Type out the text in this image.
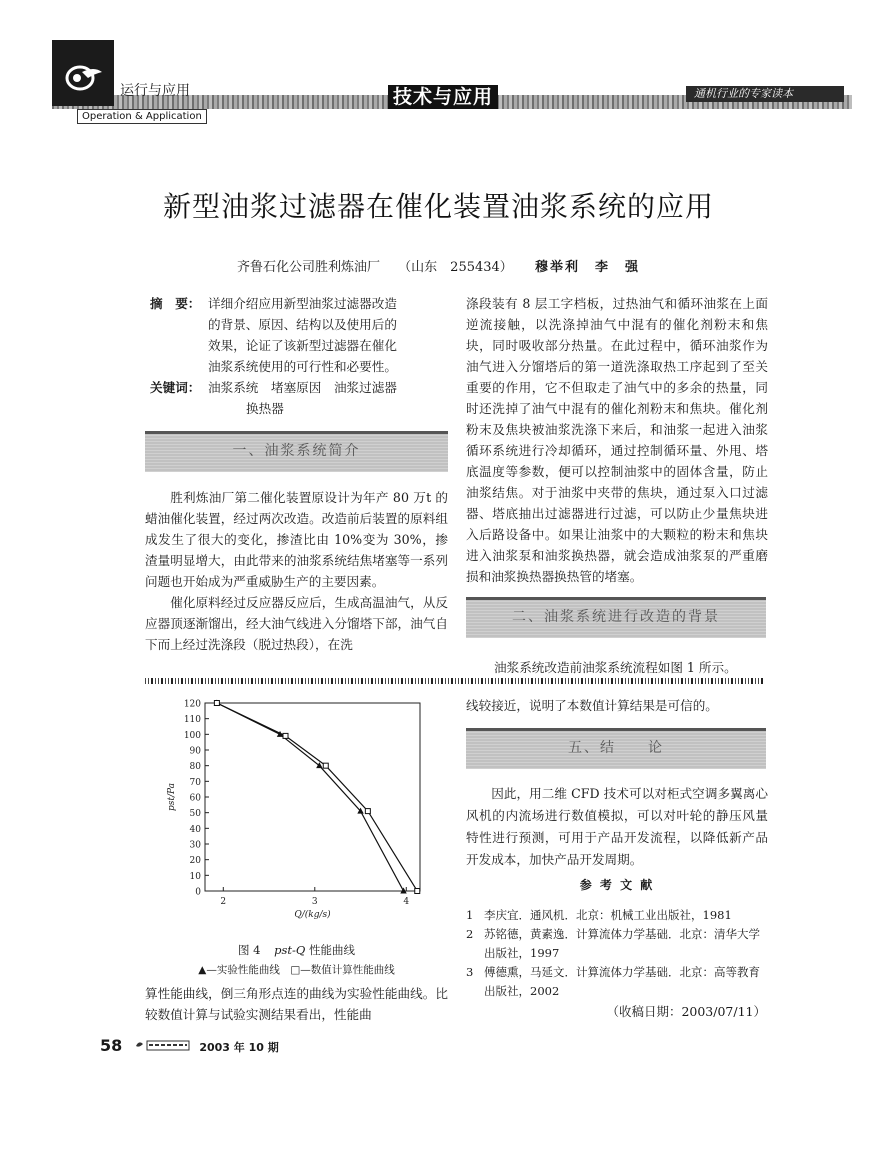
运行与应用
Operation & Application
技术与应用	通机行业的专家读本
新型油浆过滤器在催化装置油浆系统的应用
齐鲁石化公司胜利炼油厂 （山东　255434） 穆举利　李　强
摘　要： 详细介绍应用新型油浆过滤器改造
的背景、原因、结构以及使用后的
效果，论证了该新型过滤器在催化
油浆系统使用的可行性和必要性。
关键词： 油浆系统　堵塞原因　油浆过滤器
换热器
一、油浆系统简介

胜利炼油厂第二催化装置原设计为年产 80 万t 的蜡油催化装置，经过两次改造。改造前后装置的原料组成发生了很大的变化，掺渣比由 10%变为 30%，掺渣量明显增大，由此带来的油浆系统结焦堵塞等一系列问题也开始成为严重威胁生产的主要因素。

催化原料经过反应器反应后，生成高温油气，从反应器顶逐渐馏出，经大油气线进入分馏塔下部，油气自下而上经过洗涤段（脱过热段），在洗

涤段装有 8 层工字档板，过热油气和循环油浆在上面逆流接触，以洗涤掉油气中混有的催化剂粉末和焦块，同时吸收部分热量。在此过程中，循环油浆作为油气进入分馏塔后的第一道洗涤取热工序起到了至关重要的作用，它不但取走了油气中的多余的热量，同时还洗掉了油气中混有的催化剂粉末和焦块。催化剂粉末及焦块被油浆洗涤下来后，和油浆一起进入油浆循环系统进行冷却循环，通过控制循环量、外甩、塔底温度等参数，便可以控制油浆中的固体含量，防止油浆结焦。对于油浆中夹带的焦块，通过泵入口过滤器、塔底抽出过滤器进行过滤，可以防止少量焦块进入后路设备中。如果让油浆中的大颗粒的粉末和焦块进入油浆泵和油浆换热器，就会造成油浆泵的严重磨损和油浆换热器换热管的堵塞。

二、油浆系统进行改造的背景
油浆系统改造前油浆系统流程如图 1 所示。
0
10
20
30
40
50
60
70
80
90
100
110
120
2	3	4
Q/(kg/s)
pst/Pa
图 4 pst-Q 性能曲线
▲—实验性能曲线　□—数值计算性能曲线
算性能曲线，倒三角形点连的曲线为实验性能曲线。比较数值计算与试验实测结果看出，性能曲
线较接近，说明了本数值计算结果是可信的。
五、结　　论

因此，用二维 CFD 技术可以对柜式空调多翼离心风机的内流场进行数值模拟，可以对叶轮的静压风量特性进行预测，可用于产品开发流程，以降低新产品开发成本，加快产品开发周期。

参 考 文 献
1 李庆宜．通风机．北京：机械工业出版社，1981
2 苏铭德，黄素逸．计算流体力学基础．北京：清华大学出版社，1997
3 傅德熏，马延文．计算流体力学基础．北京：高等教育出版社，2002
（收稿日期：2003/07/11）
58	2003 年 10 期
